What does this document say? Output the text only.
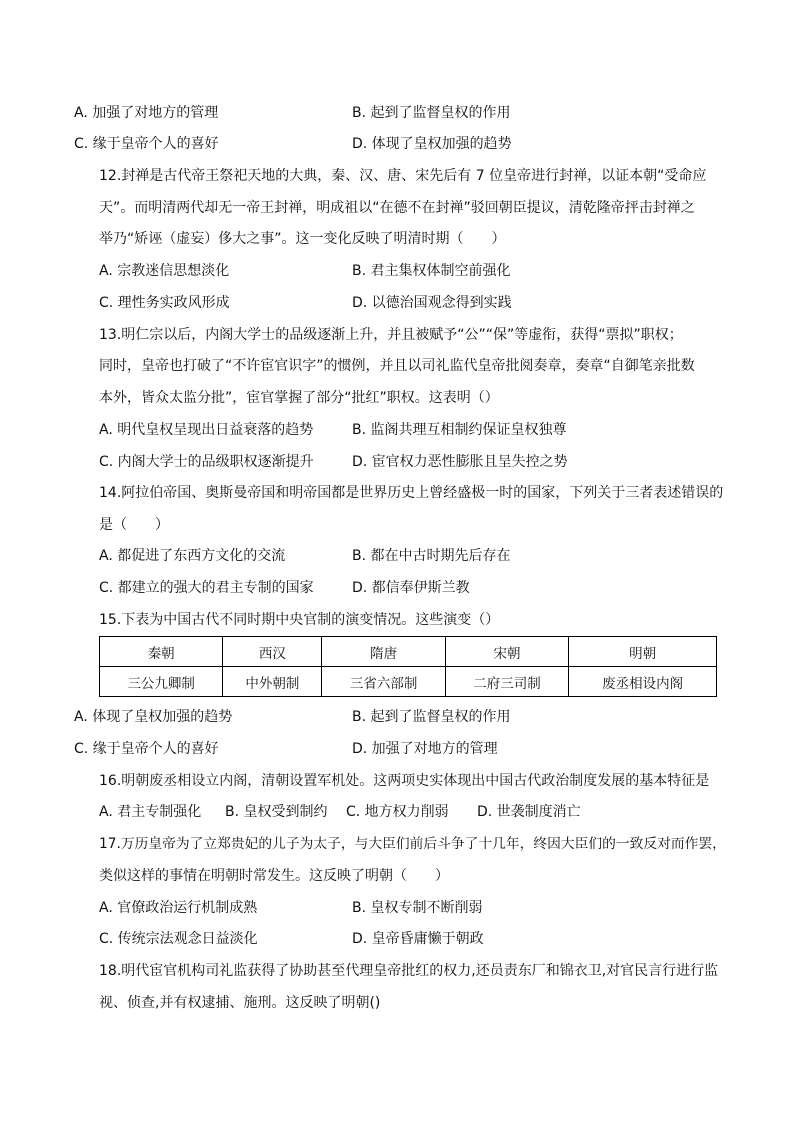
A. 加强了对地方的管理	B. 起到了监督皇权的作用
C. 缘于皇帝个人的喜好	D. 体现了皇权加强的趋势
12.封禅是古代帝王祭祀天地的大典，秦、汉、唐、宋先后有 7 位皇帝进行封禅，以证本朝“受命应
天”。而明清两代却无一帝王封禅，明成祖以“在德不在封禅”驳回朝臣提议，清乾隆帝抨击封禅之
举乃“矫诬（虚妄）侈大之事”。这一变化反映了明清时期（　　）
A. 宗教迷信思想淡化	B. 君主集权体制空前强化
C. 理性务实政风形成	D. 以德治国观念得到实践
13.明仁宗以后，内阁大学士的品级逐渐上升，并且被赋予“公”“保”等虚衔，获得“票拟”职权；
同时，皇帝也打破了“不许宦官识字”的惯例，并且以司礼监代皇帝批阅奏章，奏章“自御笔亲批数
本外，皆众太监分批”，宦官掌握了部分“批红”职权。这表明（）
A. 明代皇权呈现出日益衰落的趋势	B. 监阁共理互相制约保证皇权独尊
C. 内阁大学士的品级职权逐渐提升	D. 宦官权力恶性膨胀且呈失控之势
14.阿拉伯帝国、奥斯曼帝国和明帝国都是世界历史上曾经盛极一时的国家，下列关于三者表述错误的
是（　　）
A. 都促进了东西方文化的交流	B. 都在中古时期先后存在
C. 都建立的强大的君主专制的国家	D. 都信奉伊斯兰教
15.下表为中国古代不同时期中央官制的演变情况。这些演变（）
秦朝	西汉	隋唐	宋朝	明朝
三公九卿制	中外朝制	三省六部制	二府三司制	废丞相设内阁
A. 体现了皇权加强的趋势	B. 起到了监督皇权的作用
C. 缘于皇帝个人的喜好	D. 加强了对地方的管理
16.明朝废丞相设立内阁，清朝设置军机处。这两项史实体现出中国古代政治制度发展的基本特征是
A. 君主专制强化 B. 皇权受到制约 C. 地方权力削弱 D. 世袭制度消亡
17.万历皇帝为了立郑贵妃的儿子为太子，与大臣们前后斗争了十几年，终因大臣们的一致反对而作罢，
类似这样的事情在明朝时常发生。这反映了明朝（　　）
A. 官僚政治运行机制成熟	B. 皇权专制不断削弱
C. 传统宗法观念日益淡化	D. 皇帝昏庸懒于朝政
18.明代宦官机构司礼监获得了协助甚至代理皇帝批红的权力,还员责东厂和锦衣卫,对官民言行进行监
视、侦查,并有权逮捕、施刑。这反映了明朝()
